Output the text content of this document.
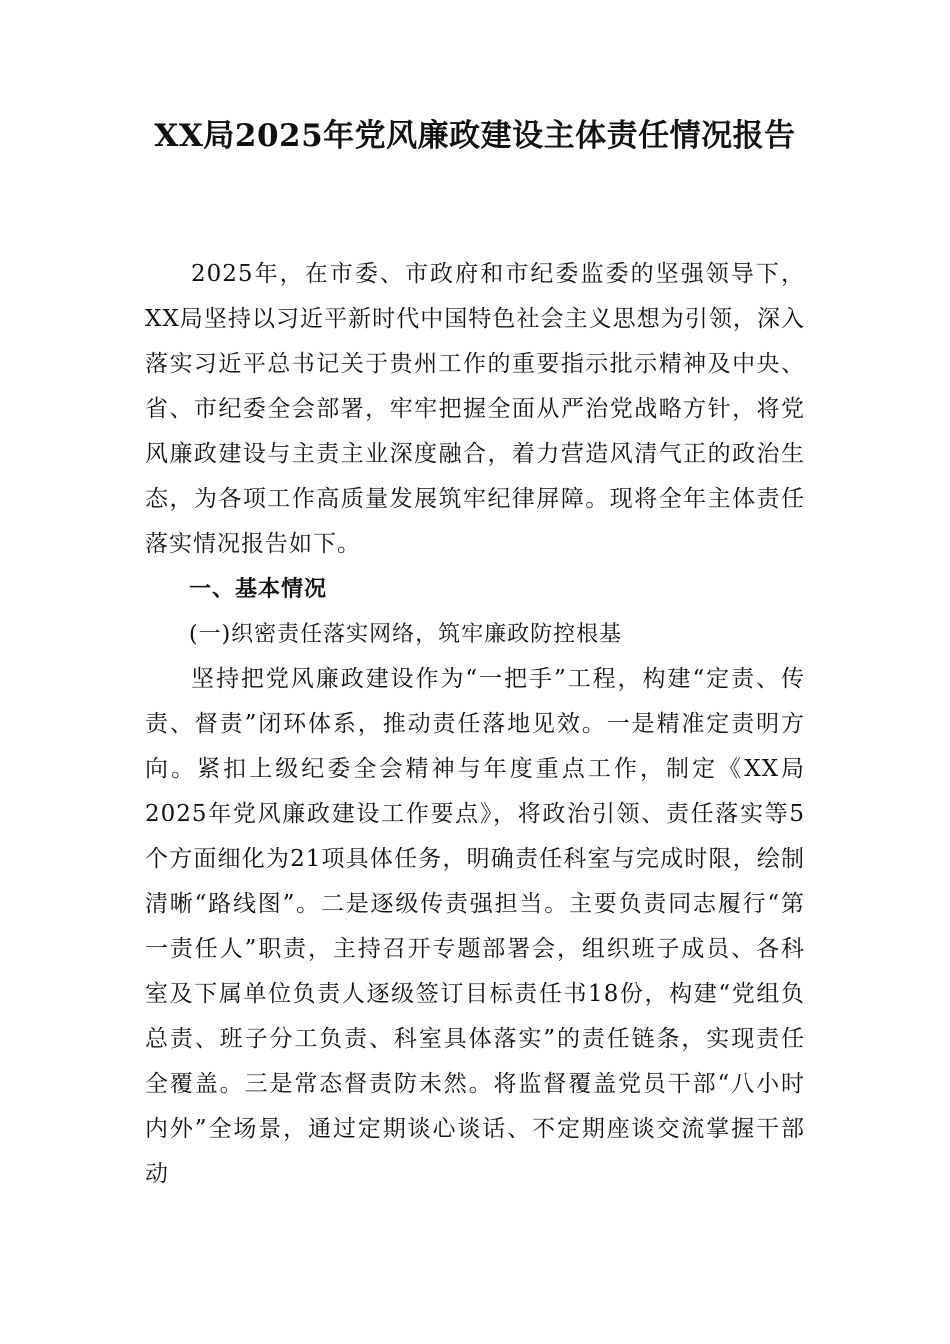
XX局2025年党风廉政建设主体责任情况报告

2025年，在市委、市政府和市纪委监委的坚强领导下，XX局坚持以习近平新时代中国特色社会主义思想为引领，深入落实习近平总书记关于贵州工作的重要指示批示精神及中央、省、市纪委全会部署，牢牢把握全面从严治党战略方针，将党风廉政建设与主责主业深度融合，着力营造风清气正的政治生态，为各项工作高质量发展筑牢纪律屏障。现将全年主体责任落实情况报告如下。

一、基本情况

(一)织密责任落实网络，筑牢廉政防控根基

坚持把党风廉政建设作为“一把手”工程，构建“定责、传责、督责”闭环体系，推动责任落地见效。一是精准定责明方向。紧扣上级纪委全会精神与年度重点工作，制定《XX局2025年党风廉政建设工作要点》，将政治引领、责任落实等5个方面细化为21项具体任务，明确责任科室与完成时限，绘制清晰“路线图”。二是逐级传责强担当。主要负责同志履行“第一责任人”职责，主持召开专题部署会，组织班子成员、各科室及下属单位负责人逐级签订目标责任书18份，构建“党组负总责、班子分工负责、科室具体落实”的责任链条，实现责任全覆盖。三是常态督责防未然。将监督覆盖党员干部“八小时内外”全场景，通过定期谈心谈话、不定期座谈交流掌握干部动
